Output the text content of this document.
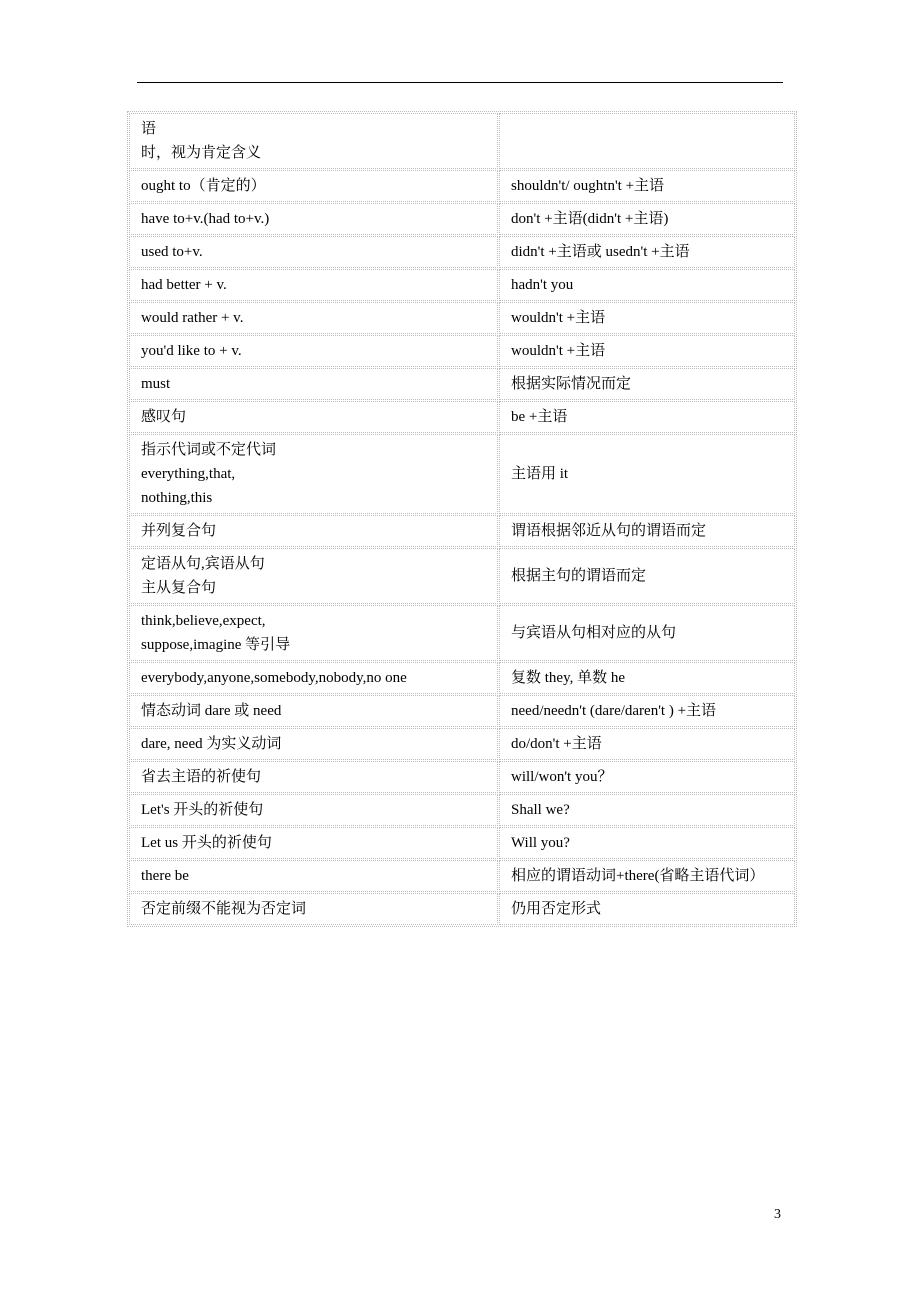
语
时，视为肯定含义	
ought to（肯定的）	shouldn't/ oughtn't +主语
have to+v.(had to+v.)	don't +主语(didn't +主语)
used to+v.	didn't +主语或 usedn't +主语
had better + v.	hadn't you
would rather + v.	wouldn't +主语
you'd like to + v.	wouldn't +主语
must	根据实际情况而定
感叹句	be +主语
指示代词或不定代词
everything,that,
nothing,this	主语用 it
并列复合句	谓语根据邻近从句的谓语而定
定语从句,宾语从句
主从复合句	根据主句的谓语而定
think,believe,expect,
suppose,imagine 等引导	与宾语从句相对应的从句
everybody,anyone,somebody,nobody,no one	复数 they, 单数 he
情态动词 dare 或 need	need/needn't (dare/daren't ) +主语
dare, need 为实义动词	do/don't +主语
省去主语的祈使句	will/won't you？
Let's 开头的祈使句	Shall we?
Let us 开头的祈使句	Will you?
there be	相应的谓语动词+there(省略主语代词）
否定前缀不能视为否定词	仍用否定形式
3
